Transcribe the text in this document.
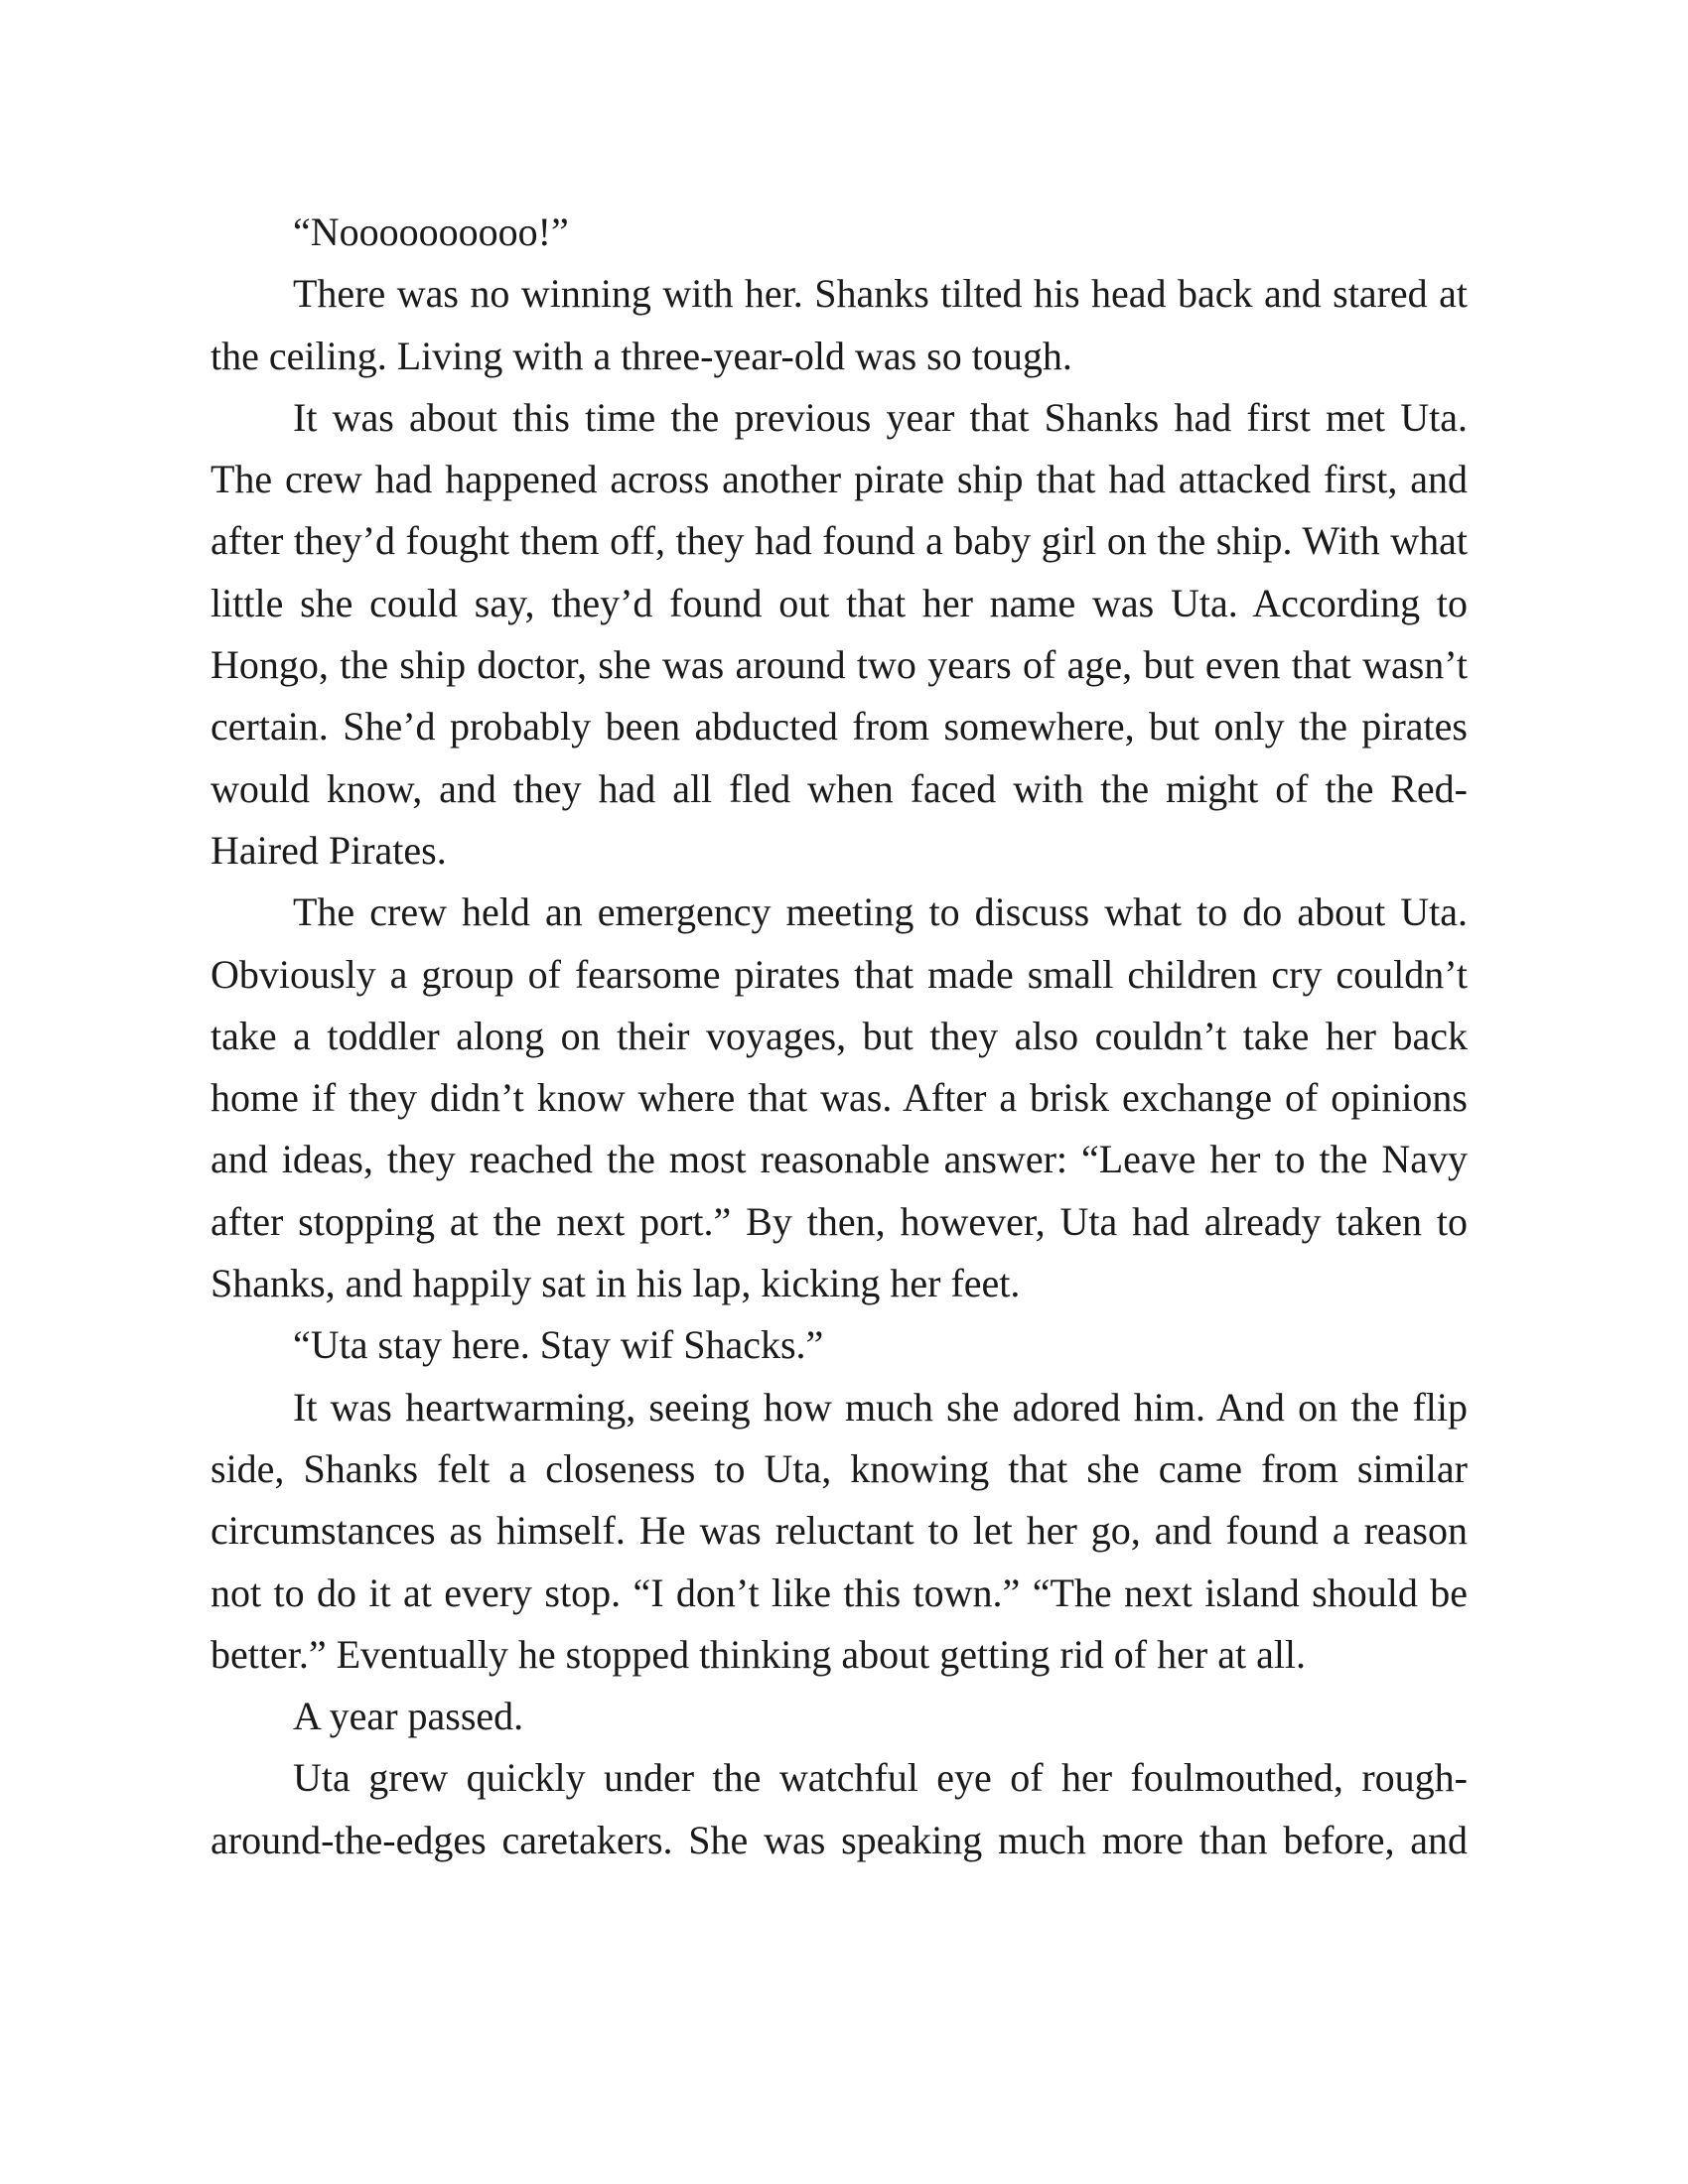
“Noooooooooo!”

There was no winning with her. Shanks tilted his head back and stared at the ceiling. Living with a three-year-old was so tough.

It was about this time the previous year that Shanks had first met Uta. The crew had happened across another pirate ship that had attacked first, and after they’d fought them off, they had found a baby girl on the ship. With what little she could say, they’d found out that her name was Uta. According to Hongo, the ship doctor, she was around two years of age, but even that wasn’t certain. She’d probably been abducted from somewhere, but only the pirates would know, and they had all fled when faced with the might of the Red-Haired Pirates.

The crew held an emergency meeting to discuss what to do about Uta. Obviously a group of fearsome pirates that made small children cry couldn’t take a toddler along on their voyages, but they also couldn’t take her back home if they didn’t know where that was. After a brisk exchange of opinions and ideas, they reached the most reasonable answer: “Leave her to the Navy after stopping at the next port.” By then, however, Uta had already taken to Shanks, and happily sat in his lap, kicking her feet.

“Uta stay here. Stay wif Shacks.”

It was heartwarming, seeing how much she adored him. And on the flip side, Shanks felt a closeness to Uta, knowing that she came from similar circumstances as himself. He was reluctant to let her go, and found a reason not to do it at every stop. “I don’t like this town.” “The next island should be better.” Eventually he stopped thinking about getting rid of her at all.

A year passed.

Uta grew quickly under the watchful eye of her foulmouthed, rough-around-the-edges caretakers. She was speaking much more than before, and
